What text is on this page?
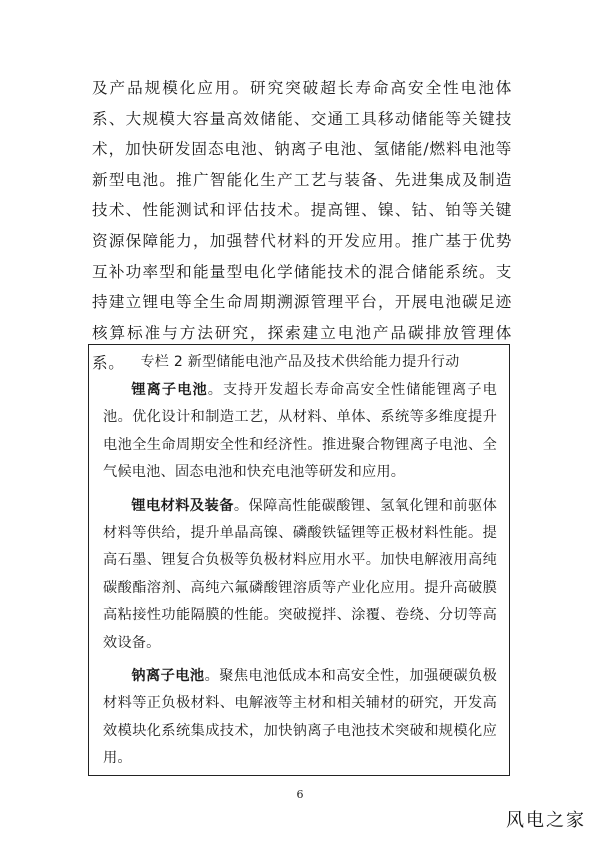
及产品规模化应用。研究突破超长寿命高安全性电池体系、大规模大容量高效储能、交通工具移动储能等关键技术，加快研发固态电池、钠离子电池、氢储能/燃料电池等新型电池。推广智能化生产工艺与装备、先进集成及制造技术、性能测试和评估技术。提高锂、镍、钴、铂等关键资源保障能力，加强替代材料的开发应用。推广基于优势互补功率型和能量型电化学储能技术的混合储能系统。支持建立锂电等全生命周期溯源管理平台，开展电池碳足迹核算标准与方法研究，探索建立电池产品碳排放管理体系。	专栏 2 新型储能电池产品及技术供给能力提升行动

锂离子电池。支持开发超长寿命高安全性储能锂离子电池。优化设计和制造工艺，从材料、单体、系统等多维度提升电池全生命周期安全性和经济性。推进聚合物锂离子电池、全气候电池、固态电池和快充电池等研发和应用。

锂电材料及装备。保障高性能碳酸锂、氢氧化锂和前驱体材料等供给，提升单晶高镍、磷酸铁锰锂等正极材料性能。提高石墨、锂复合负极等负极材料应用水平。加快电解液用高纯碳酸酯溶剂、高纯六氟磷酸锂溶质等产业化应用。提升高破膜高粘接性功能隔膜的性能。突破搅拌、涂覆、卷绕、分切等高效设备。

钠离子电池。聚焦电池低成本和高安全性，加强硬碳负极材料等正负极材料、电解液等主材和相关辅材的研究，开发高效模块化系统集成技术，加快钠离子电池技术突破和规模化应用。

6
风电之家
